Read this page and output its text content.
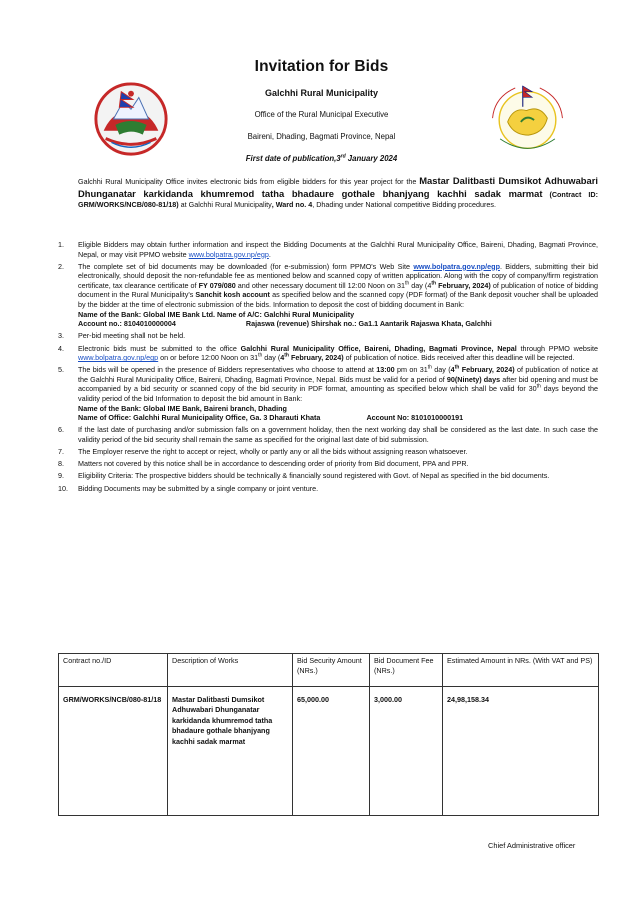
Invitation for Bids
Galchhi Rural Municipality
Office of the Rural Municipal Executive
Baireni, Dhading, Bagmati Province, Nepal
First date of publication,3rd January 2024
Galchhi Rural Municipality Office invites electronic bids from eligible bidders for this year project for the Mastar Dalitbasti Dumsikot Adhuwabari Dhunganatar karkidanda khumremod tatha bhadaure gothale bhanjyang kachhi sadak marmat (Contract ID: GRM/WORKS/NCB/080-81/18) at Galchhi Rural Municipality, Ward no. 4, Dhading under National competitive Bidding procedures.
1. Eligible Bidders may obtain further information and inspect the Bidding Documents at the Galchhi Rural Municipality Office, Baireni, Dhading, Bagmati Province, Nepal, or may visit PPMO website www.bolpatra.gov.np/egp.
2. The complete set of bid documents may be downloaded (for e-submission) form PPMO's Web Site www.bolpatra.gov.np/egp. Bidders, submitting their bid electronically, should deposit the non-refundable fee as mentioned below and scanned copy of written application. Along with the copy of company/firm registration certificate, tax clearance certificate of FY 079/080 and other necessary document till 12:00 Noon on 31th day (4th February, 2024) of publication of notice of bidding document in the Rural Municipality's Sanchit kosh account as specified below and the scanned copy (PDF format) of the Bank deposit voucher shall be uploaded by the bidder at the time of electronic submission of the bids. Information to deposit the cost of bidding document in Bank:
Name of the Bank: Global IME Bank Ltd. Name of A/C: Galchhi Rural Municipality
Account no.: 8104010000004	Rajaswa (revenue) Shirshak no.: Ga1.1 Aantarik Rajaswa Khata, Galchhi
3. Per-bid meeting shall not be held.
4. Electronic bids must be submitted to the office Galchhi Rural Municipality Office, Baireni, Dhading, Bagmati Province, Nepal through PPMO website www.bolpatra.gov.np/egp on or before 12:00 Noon on 31th day (4th February, 2024) of publication of notice. Bids received after this deadline will be rejected.
5. The bids will be opened in the presence of Bidders representatives who choose to attend at 13:00 pm on 31th day (4th February, 2024) of publication of notice at the Galchhi Rural Municipality Office, Baireni, Dhading, Bagmati Province, Nepal. Bids must be valid for a period of 90(Ninety) days after bid opening and must be accompanied by a bid security or scanned copy of the bid security in PDF format, amounting as specified below which shall be valid for 30th days beyond the validity period of the bid Information to deposit the bid amount in Bank:
Name of the Bank: Global IME Bank, Baireni branch, Dhading
Name of Office: Galchhi Rural Municipality Office, Ga. 3 Dharauti Khata	Account No: 8101010000191
6. If the last date of purchasing and/or submission falls on a government holiday, then the next working day shall be considered as the last date. In such case the validity period of the bid security shall remain the same as specified for the original last date of bid submission.
7. The Employer reserve the right to accept or reject, wholly or partly any or all the bids without assigning reason whatsoever.
8. Matters not covered by this notice shall be in accordance to descending order of priority from Bid document, PPA and PPR.
9. Eligibility Criteria: The prospective bidders should be technically & financially sound registered with Govt. of Nepal as specified in the bid documents.
10. Bidding Documents may be submitted by a single company or joint venture.
Contract no./ID	Description of Works	Bid Security Amount (NRs.)	Bid Document Fee (NRs.)	Estimated Amount in NRs. (With VAT and PS)
GRM/WORKS/NCB/080-81/18	Mastar Dalitbasti Dumsikot Adhuwabari Dhunganatar karkidanda khumremod tatha bhadaure gothale bhanjyang kachhi sadak marmat	65,000.00	3,000.00	24,98,158.34
Chief Administrative officer
